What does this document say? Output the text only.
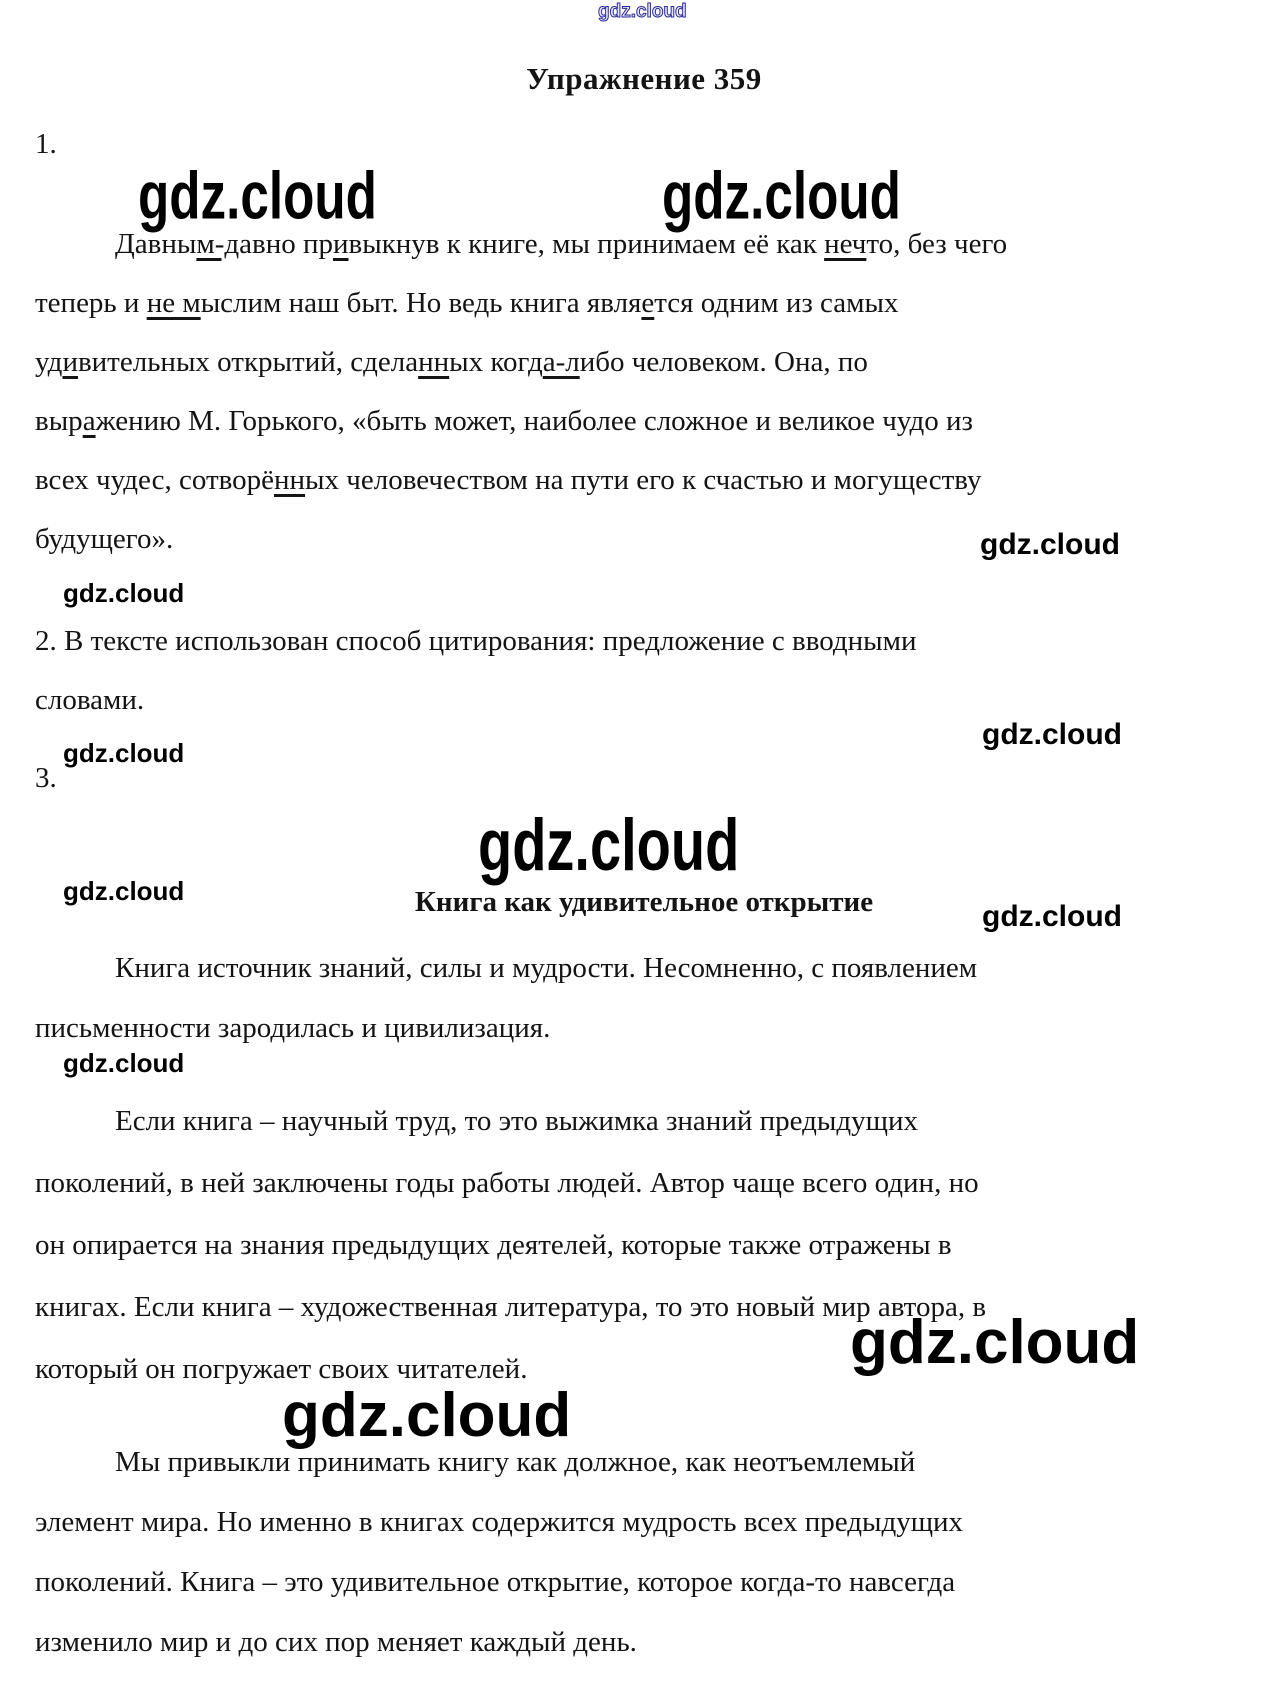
gdz.cloud
gdz.cloud	gdz.cloud
gdz.cloud
gdz.cloud
gdz.cloud
gdz.cloud
gdz.cloud
gdz.cloud
gdz.cloud
gdz.cloud
gdz.cloud
gdz.cloud
Упражнение 359
1.
Давным-давно привыкнув к книге, мы принимаем её как нечто, без чего
теперь и не мыслим наш быт. Но ведь книга является одним из самых
удивительных открытий, сделанных когда-либо человеком. Она, по
выражению М. Горького, «быть может, наиболее сложное и великое чудо из
всех чудес, сотворённых человечеством на пути его к счастью и могуществу
будущего».
2. В тексте использован способ цитирования: предложение с вводными
словами.
3.
Книга как удивительное открытие
Книга источник знаний, силы и мудрости. Несомненно, с появлением
письменности зародилась и цивилизация.
Если книга – научный труд, то это выжимка знаний предыдущих
поколений, в ней заключены годы работы людей. Автор чаще всего один, но
он опирается на знания предыдущих деятелей, которые также отражены в
книгах. Если книга – художественная литература, то это новый мир автора, в
который он погружает своих читателей.
Мы привыкли принимать книгу как должное, как неотъемлемый
элемент мира. Но именно в книгах содержится мудрость всех предыдущих
поколений. Книга – это удивительное открытие, которое когда-то навсегда
изменило мир и до сих пор меняет каждый день.
